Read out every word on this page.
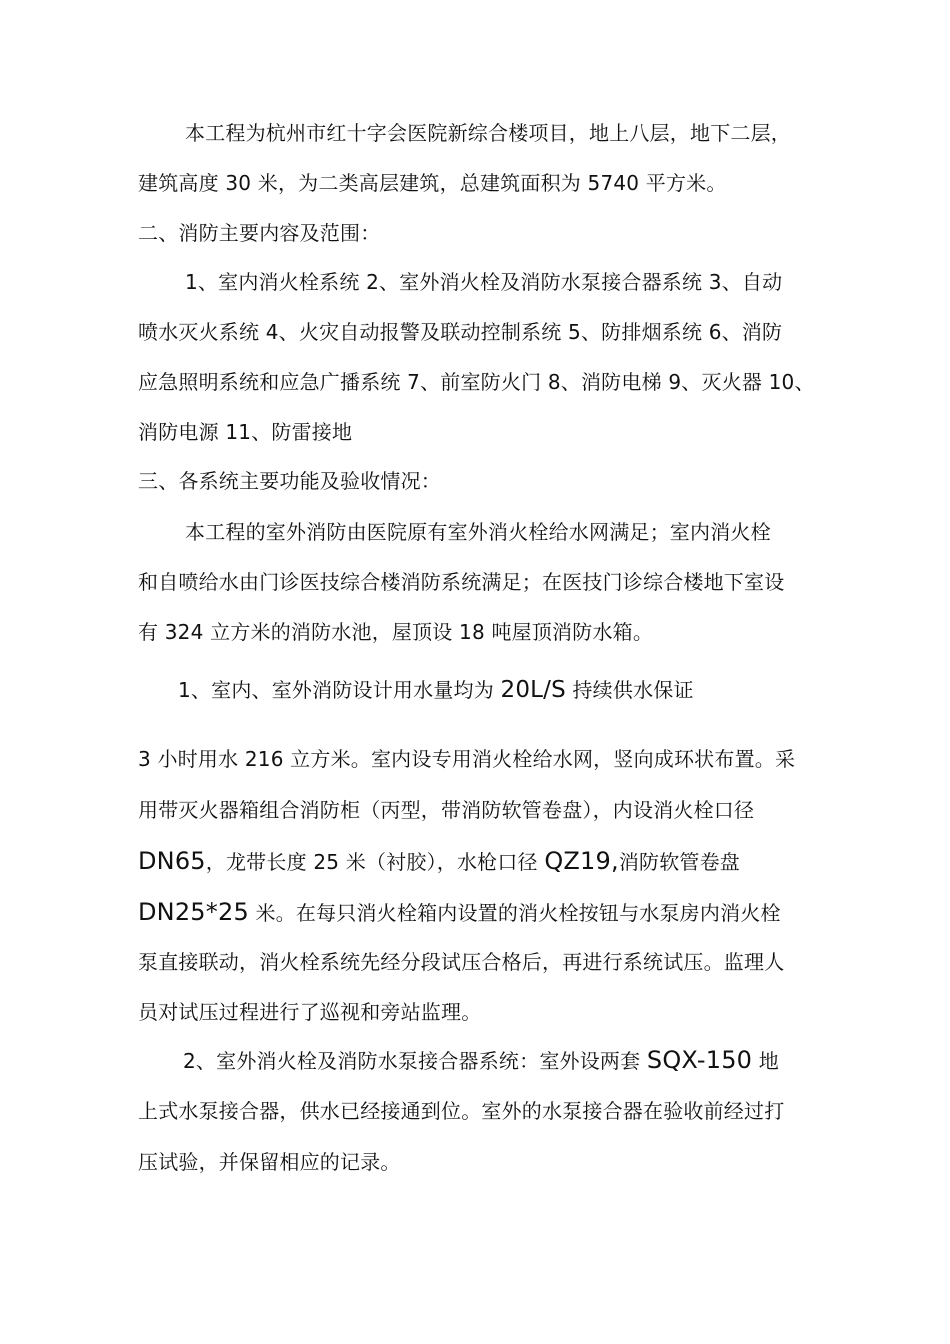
本工程为杭州市红十字会医院新综合楼项目，地上八层，地下二层，
建筑高度 30 米，为二类高层建筑，总建筑面积为 5740 平方米。
二、消防主要内容及范围：
1、室内消火栓系统 2、室外消火栓及消防水泵接合器系统 3、自动
喷水灭火系统 4、火灾自动报警及联动控制系统 5、防排烟系统 6、消防
应急照明系统和应急广播系统 7、前室防火门 8、消防电梯 9、灭火器 10、
消防电源 11、防雷接地
三、各系统主要功能及验收情况：
本工程的室外消防由医院原有室外消火栓给水网满足；室内消火栓
和自喷给水由门诊医技综合楼消防系统满足；在医技门诊综合楼地下室设
有 324 立方米的消防水池，屋顶设 18 吨屋顶消防水箱。
1、室内、室外消防设计用水量均为 20L/S 持续供水保证
3 小时用水 216 立方米。室内设专用消火栓给水网，竖向成环状布置。采
用带灭火器箱组合消防柜（丙型，带消防软管卷盘），内设消火栓口径
DN65，龙带长度 25 米（衬胶），水枪口径 QZ19,消防软管卷盘
DN25*25 米。在每只消火栓箱内设置的消火栓按钮与水泵房内消火栓
泵直接联动，消火栓系统先经分段试压合格后，再进行系统试压。监理人
员对试压过程进行了巡视和旁站监理。
2、室外消火栓及消防水泵接合器系统：室外设两套 SQX-150 地
上式水泵接合器，供水已经接通到位。室外的水泵接合器在验收前经过打
压试验，并保留相应的记录。
